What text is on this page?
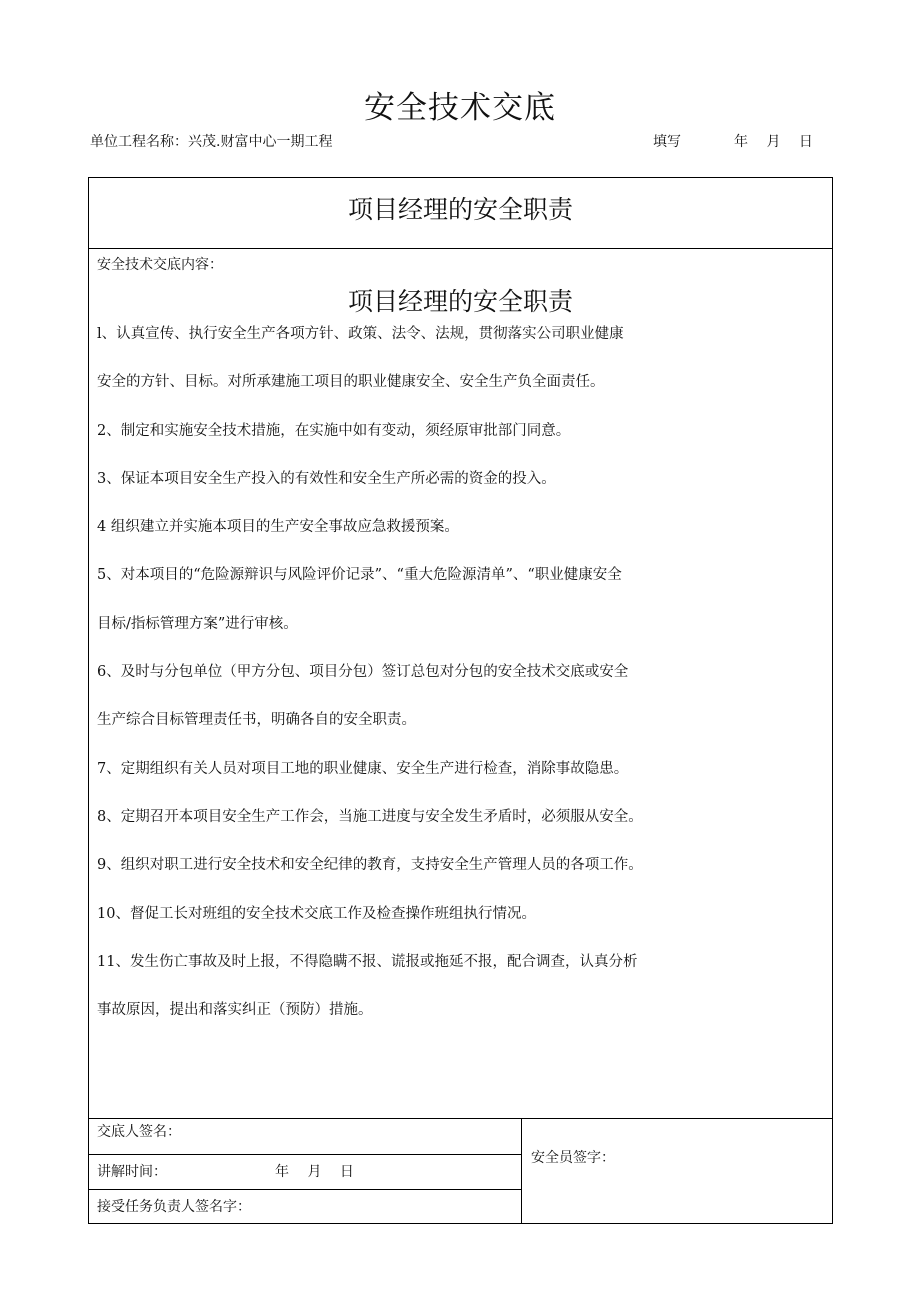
安全技术交底
单位工程名称：兴茂.财富中心一期工程	填写	年 月 日
项目经理的安全职责
安全技术交底内容：
项目经理的安全职责
l、认真宣传、执行安全生产各项方针、政策、法令、法规，贯彻落实公司职业健康
安全的方针、目标。对所承建施工项目的职业健康安全、安全生产负全面责任。
2、制定和实施安全技术措施，在实施中如有变动，须经原审批部门同意。
3、保证本项目安全生产投入的有效性和安全生产所必需的资金的投入。
4 组织建立并实施本项目的生产安全事故应急救援预案。
5、对本项目的“危险源辩识与风险评价记录”、“重大危险源清单”、“职业健康安全
目标/指标管理方案”进行审核。
6、及时与分包单位（甲方分包、项目分包）签订总包对分包的安全技术交底或安全
生产综合目标管理责任书，明确各自的安全职责。
7、定期组织有关人员对项目工地的职业健康、安全生产进行检查，消除事故隐患。
8、定期召开本项目安全生产工作会，当施工进度与安全发生矛盾时，必须服从安全。
9、组织对职工进行安全技术和安全纪律的教育，支持安全生产管理人员的各项工作。
10、督促工长对班组的安全技术交底工作及检查操作班组执行情况。
11、发生伤亡事故及时上报，不得隐瞒不报、谎报或拖延不报，配合调查，认真分析
事故原因，提出和落实纠正（预防）措施。
交底人签名：
讲解时间：	年 月 日
接受任务负责人签名字：
安全员签字：
